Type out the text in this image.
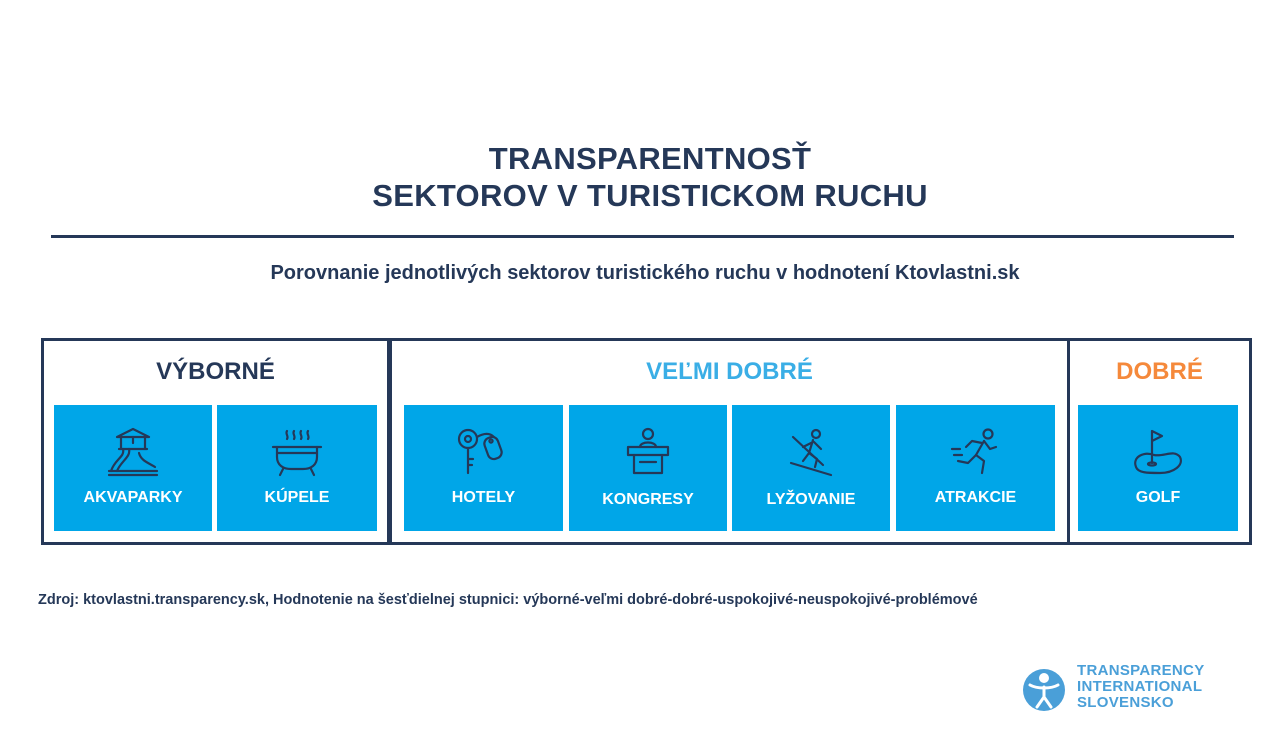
TRANSPARENTNOSŤ
SEKTOROV V TURISTICKOM RUCHU
Porovnanie jednotlivých sektorov turistického ruchu v hodnotení Ktovlastni.sk
VÝBORNÉ
AKVAPARKY	KÚPELE
VEĽMI DOBRÉ
HOTELY	KONGRESY	LYŽOVANIE	ATRAKCIE
DOBRÉ
GOLF
Zdroj: ktovlastni.transparency.sk, Hodnotenie na šesťdielnej stupnici: výborné-veľmi dobré-dobré-uspokojivé-neuspokojivé-problémové
TRANSPARENCY
INTERNATIONAL
SLOVENSKO
